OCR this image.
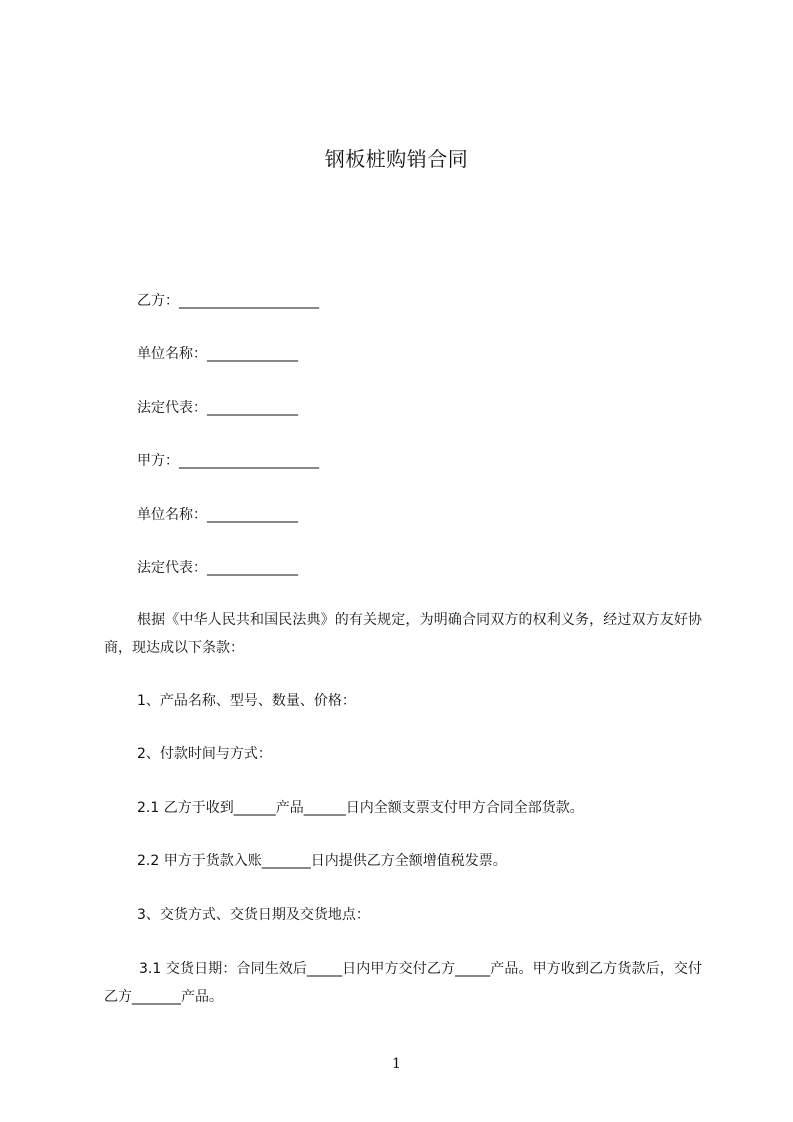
钢板桩购销合同
乙方：____________________
单位名称：_____________
法定代表：_____________
甲方：____________________
单位名称：_____________
法定代表：_____________
根据《中华人民共和国民法典》的有关规定，为明确合同双方的权利义务，经过双方友好协商，现达成以下条款：
1、产品名称、型号、数量、价格：
2、付款时间与方式：
2.1 乙方于收到______产品______日内全额支票支付甲方合同全部货款。
2.2 甲方于货款入账_______日内提供乙方全额增值税发票。
3、交货方式、交货日期及交货地点：
3.1 交货日期：合同生效后_____日内甲方交付乙方_____产品。甲方收到乙方货款后，交付乙方_______产品。
1
